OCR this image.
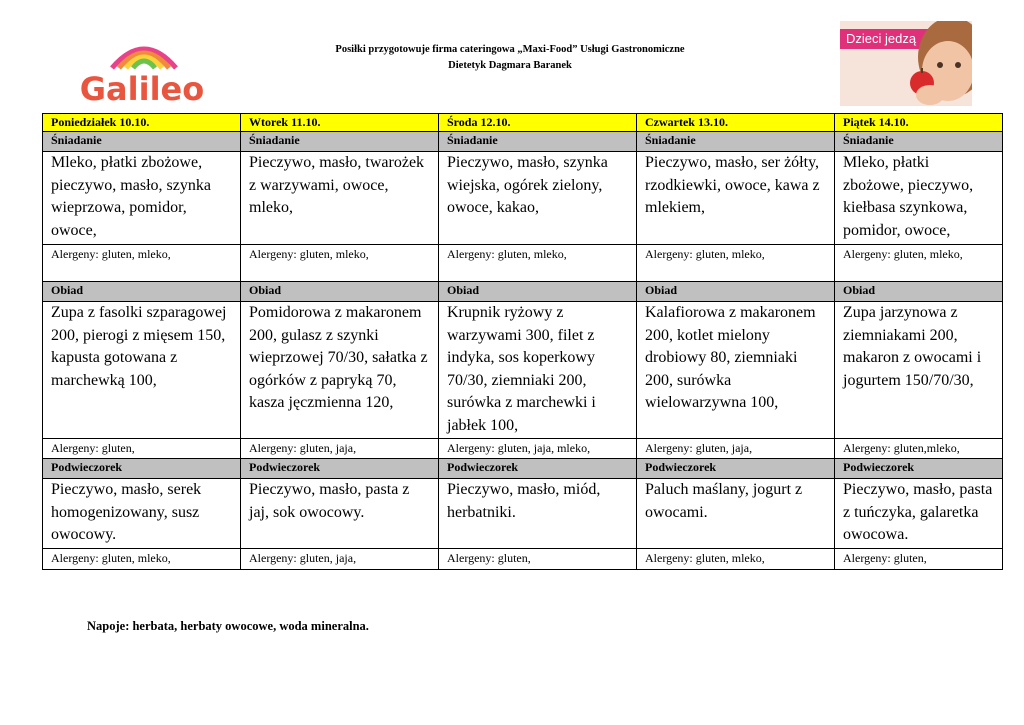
Galileo
Posiłki przygotowuje firma cateringowa „Maxi-Food” Usługi Gastronomiczne
Dietetyk Dagmara Baranek
Dzieci jedzą
Poniedziałek 10.10.	Wtorek 11.10.	Środa 12.10.	Czwartek 13.10.	Piątek 14.10.
Śniadanie	Śniadanie	Śniadanie	Śniadanie	Śniadanie
Mleko, płatki zbożowe, pieczywo, masło, szynka wieprzowa, pomidor, owoce,	Pieczywo, masło, twarożek z warzywami, owoce, mleko,	Pieczywo, masło, szynka wiejska, ogórek zielony, owoce, kakao,	Pieczywo, masło, ser żółty, rzodkiewki, owoce, kawa z mlekiem,	Mleko, płatki zbożowe, pieczywo, kiełbasa szynkowa, pomidor, owoce,
Alergeny: gluten, mleko,	Alergeny: gluten, mleko,	Alergeny: gluten, mleko,	Alergeny: gluten, mleko,	Alergeny: gluten, mleko,
Obiad	Obiad	Obiad	Obiad	Obiad
Zupa z fasolki szparagowej 200, pierogi z mięsem 150, kapusta gotowana z marchewką 100,	Pomidorowa z makaronem 200, gulasz z szynki wieprzowej 70/30, sałatka z ogórków z papryką 70, kasza jęczmienna 120,	Krupnik ryżowy z warzywami 300, filet z indyka, sos koperkowy 70/30, ziemniaki 200, surówka z marchewki i jabłek 100,	Kalafiorowa z makaronem 200, kotlet mielony drobiowy 80, ziemniaki 200, surówka wielowarzywna 100,	Zupa jarzynowa z ziemniakami 200, makaron z owocami i jogurtem 150/70/30,
Alergeny: gluten,	Alergeny: gluten, jaja,	Alergeny: gluten, jaja, mleko,	Alergeny: gluten, jaja,	Alergeny: gluten,mleko,
Podwieczorek	Podwieczorek	Podwieczorek	Podwieczorek	Podwieczorek
Pieczywo, masło, serek homogenizowany, susz owocowy.	Pieczywo, masło, pasta z jaj, sok owocowy.	Pieczywo, masło, miód, herbatniki.	Paluch maślany, jogurt z owocami.	Pieczywo, masło, pasta z tuńczyka, galaretka owocowa.
Alergeny: gluten, mleko,	Alergeny: gluten, jaja,	Alergeny: gluten,	Alergeny: gluten, mleko,	Alergeny: gluten,
Napoje: herbata, herbaty owocowe, woda mineralna.
